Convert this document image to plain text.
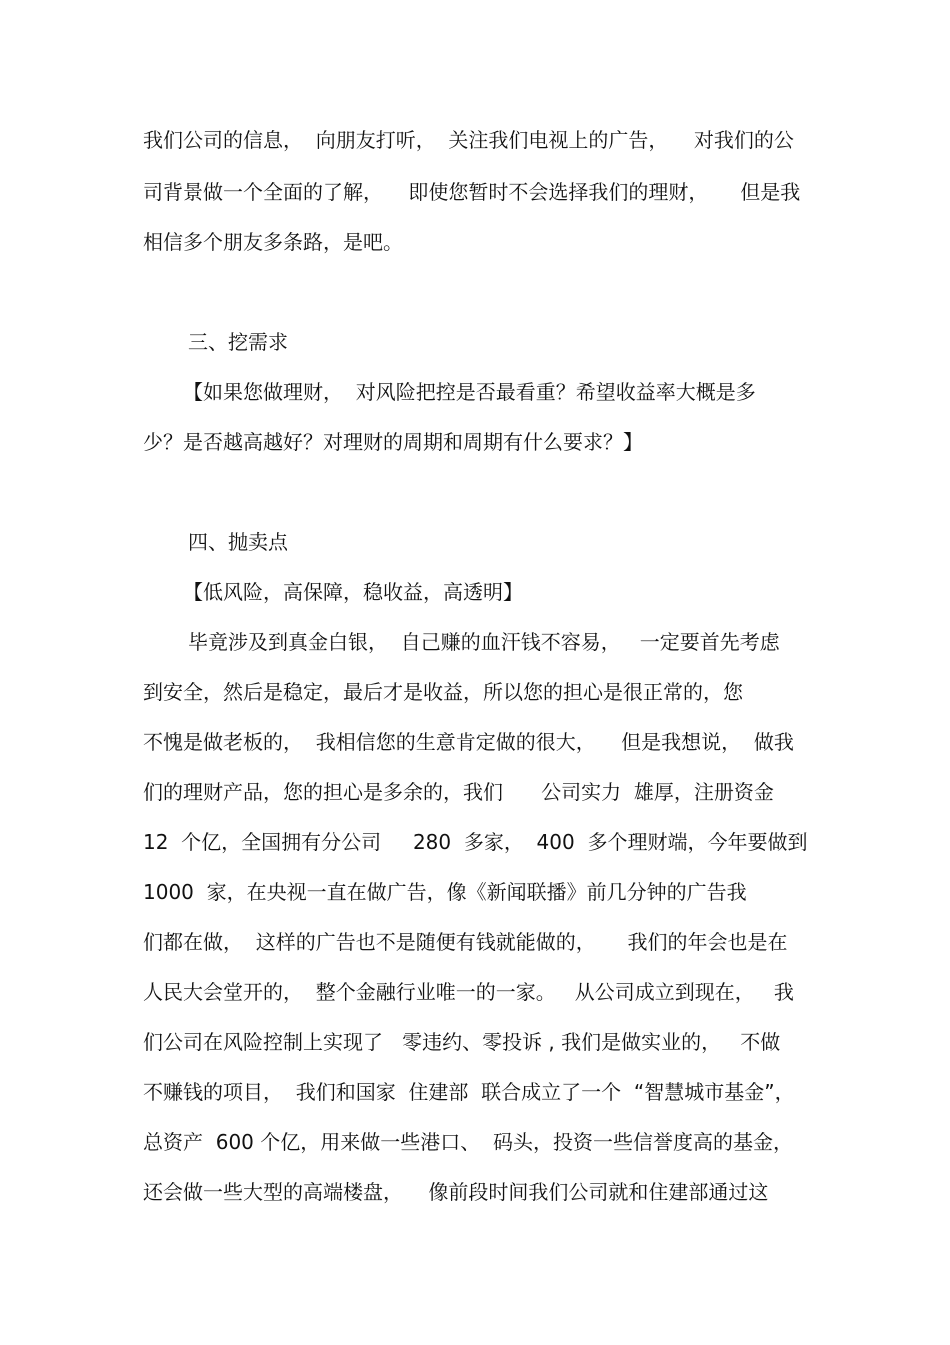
我们公司的信息，  向朋友打听，  关注我们电视上的广告，    对我们的公
司背景做一个全面的了解，    即使您暂时不会选择我们的理财，     但是我
相信多个朋友多条路，是吧。
三、挖需求
【如果您做理财，  对风险把控是否最看重？希望收益率大概是多
少？是否越高越好？对理财的周期和周期有什么要求？】
四、抛卖点
【低风险，高保障，稳收益，高透明】
毕竟涉及到真金白银，  自己赚的血汗钱不容易，   一定要首先考虑
到安全，然后是稳定，最后才是收益，所以您的担心是很正常的，您
不愧是做老板的，  我相信您的生意肯定做的很大，    但是我想说，  做我
们的理财产品，您的担心是多余的，我们      公司实力  雄厚，注册资金
12  个亿，全国拥有分公司     280  多家，  400  多个理财端，今年要做到
1000  家，在央视一直在做广告，像《新闻联播》前几分钟的广告我
们都在做，  这样的广告也不是随便有钱就能做的，     我们的年会也是在
人民大会堂开的，  整个金融行业唯一的一家。   从公司成立到现在，   我
们公司在风险控制上实现了   零违约、零投诉 , 我们是做实业的，   不做
不赚钱的项目，  我们和国家  住建部  联合成立了一个  “智慧城市基金”，
总资产  600 个亿，用来做一些港口、  码头，投资一些信誉度高的基金，
还会做一些大型的高端楼盘，    像前段时间我们公司就和住建部通过这
